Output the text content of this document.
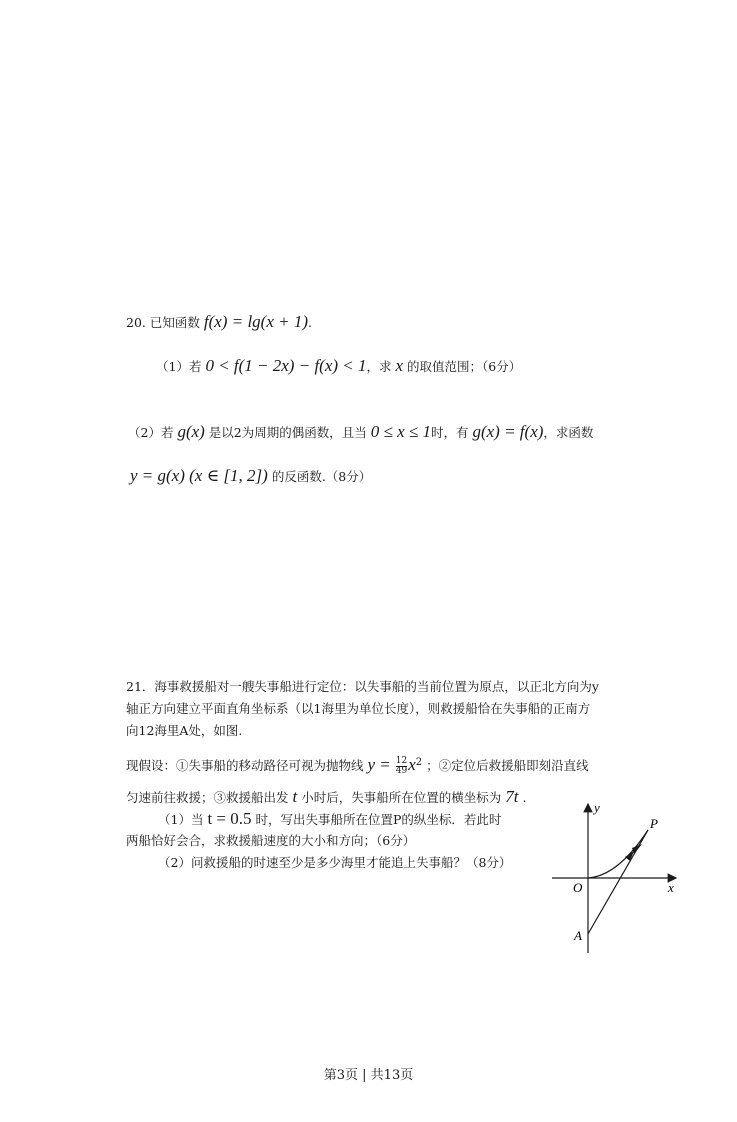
20. 已知函数 f(x) = lg(x + 1).
（1）若 0 < f(1 − 2x) − f(x) < 1，求 x 的取值范围；（6分）
（2）若 g(x) 是以2为周期的偶函数，且当 0 ≤ x ≤ 1时，有 g(x) = f(x)，求函数
y = g(x) (x ∈ [1, 2]) 的反函数.（8分）
21．海事救援船对一艘失事船进行定位：以失事船的当前位置为原点，以正北方向为y
轴正方向建立平面直角坐标系（以1海里为单位长度），则救援船恰在失事船的正南方
向12海里A处，如图.
现假设：①失事船的移动路径可视为抛物线 $y = \frac{12}{49} x^2$ ；②定位后救援船即刻沿直线
匀速前往救援；③救援船出发 t 小时后，失事船所在位置的横坐标为 7t .
（1）当 t = 0.5 时，写出失事船所在位置P的纵坐标．若此时
两船恰好会合，求救援船速度的大小和方向；（6分）
（2）问救援船的时速至少是多少海里才能追上失事船？（8分）
y
x
O
P
A
第3页 | 共13页
